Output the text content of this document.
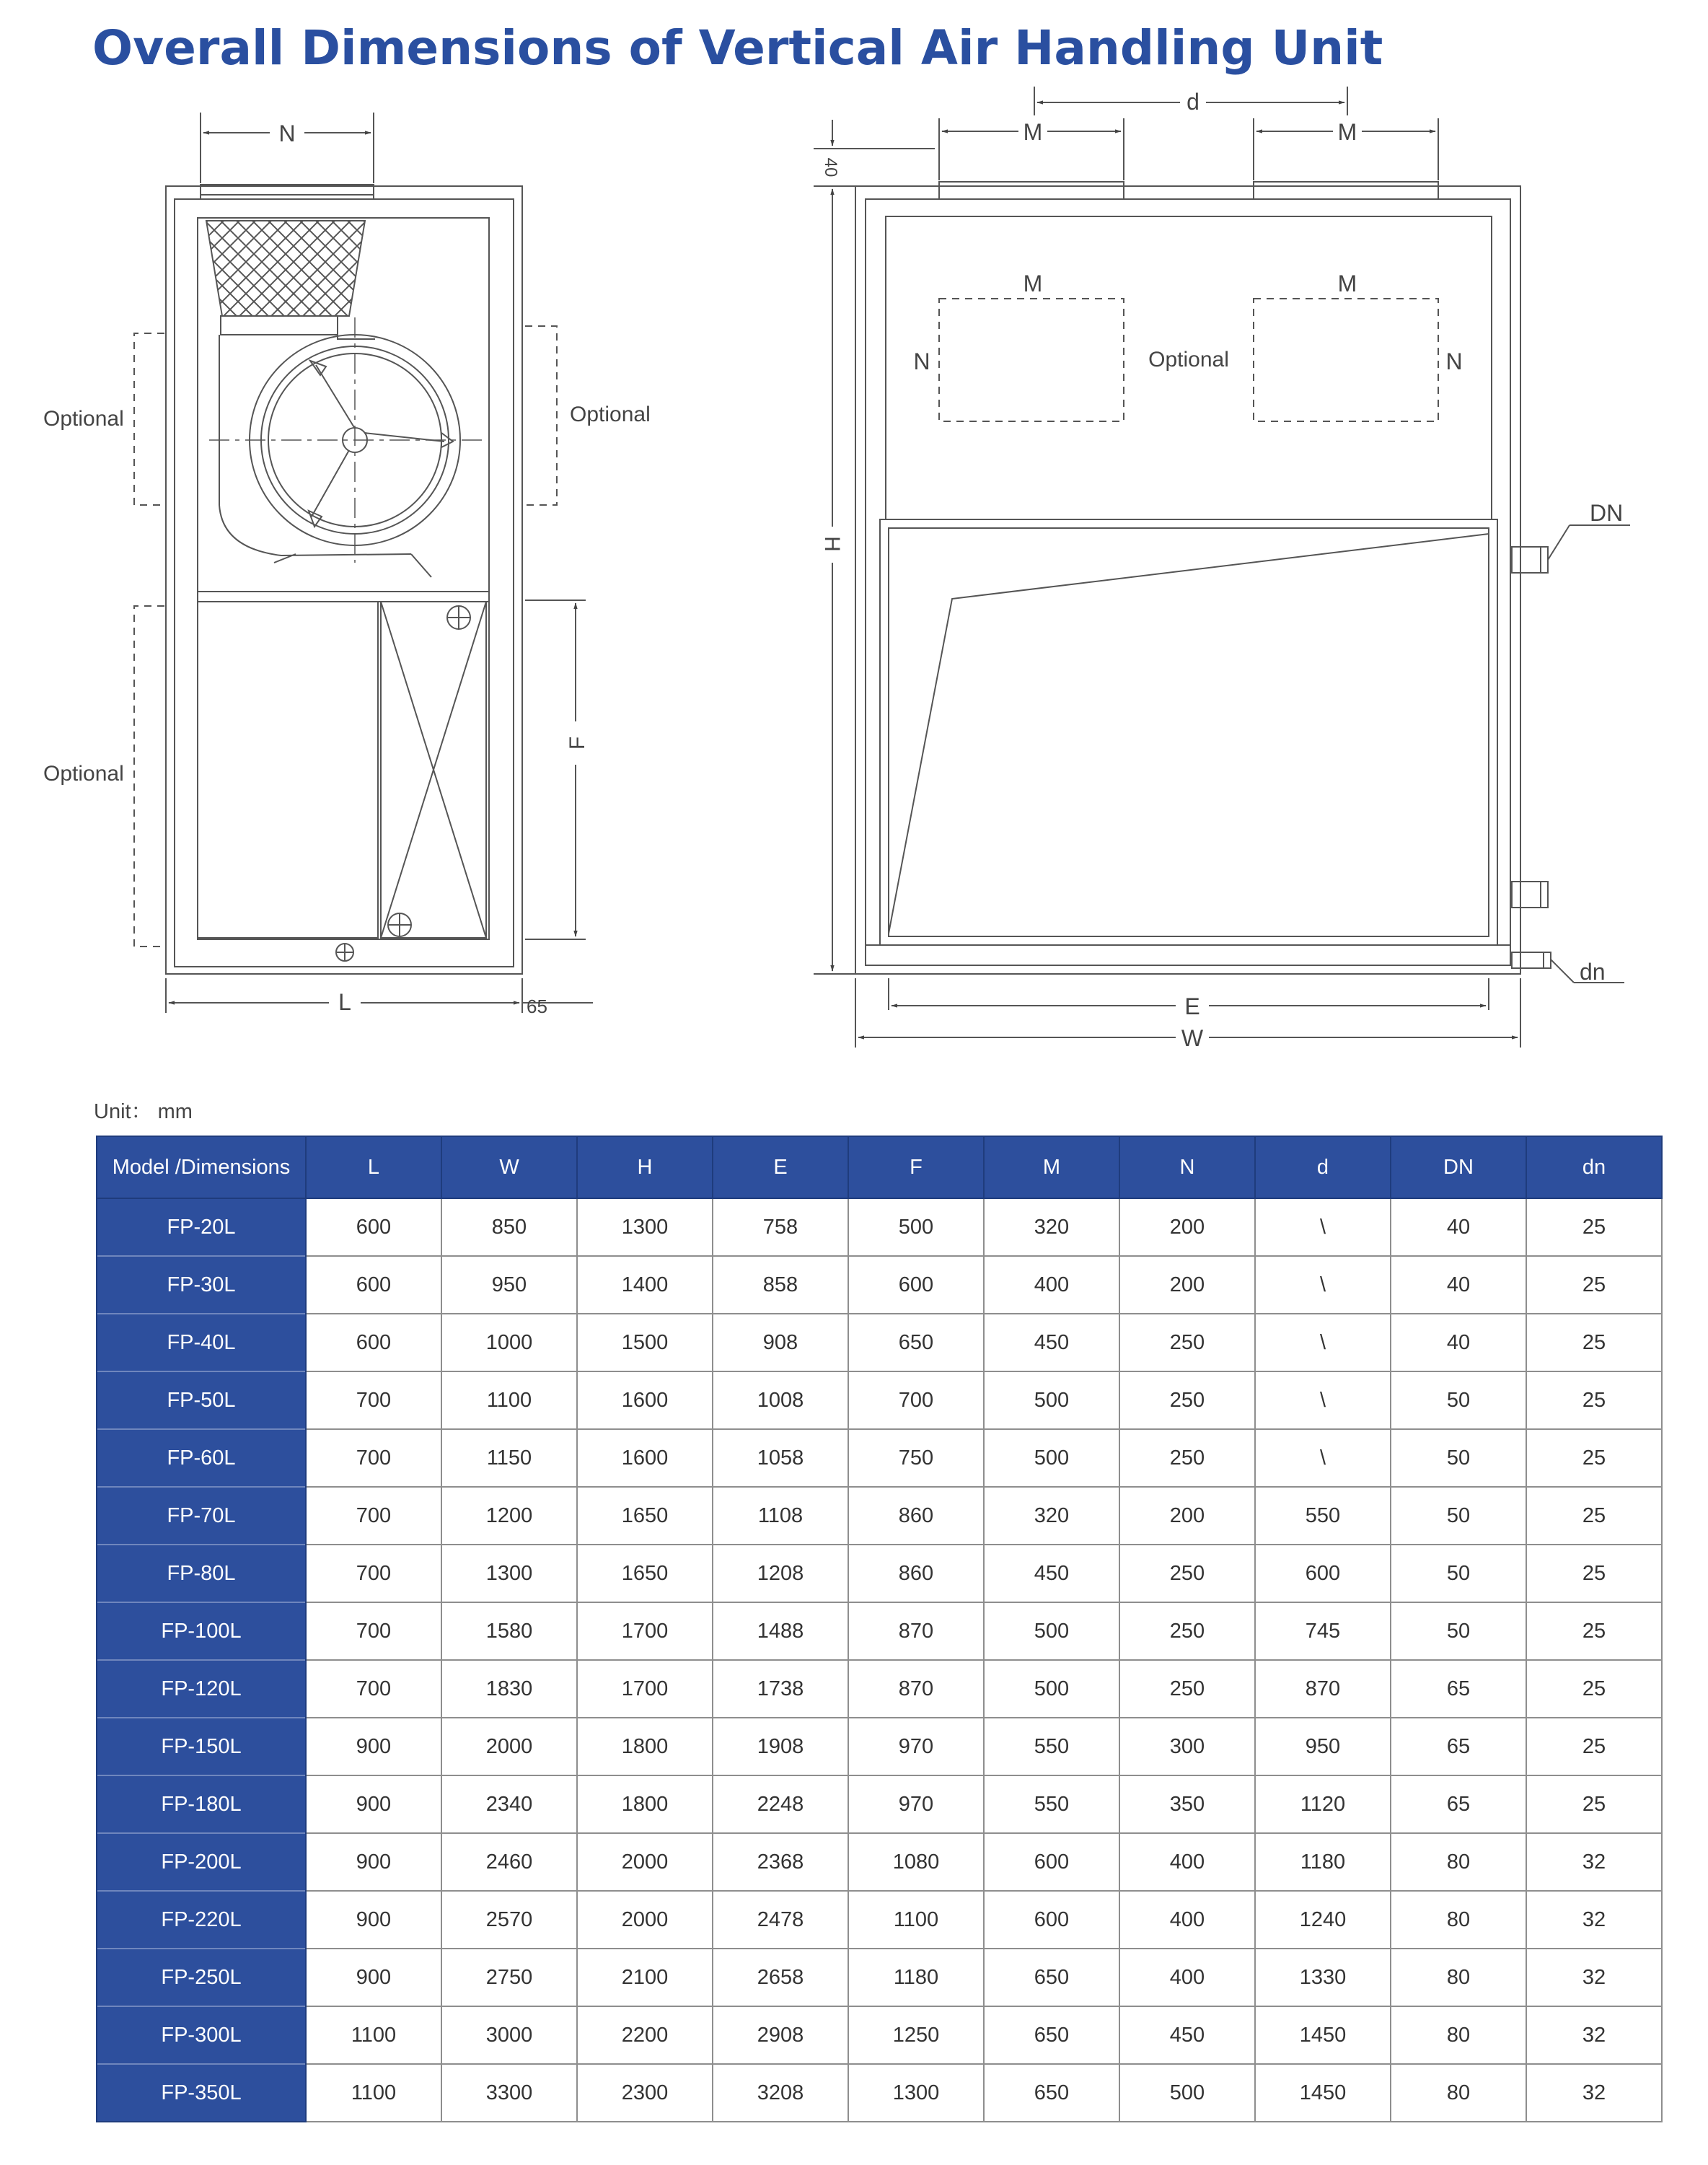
Overall Dimensions of Vertical Air Handling Unit
N
Optional	Optional
Optional
F
L	65
d
M	M
40
H
M	M
N	N
Optional
DN
dn
E
W
Unit： mm
Model /Dimensions	L	W	H	E	F	M	N	d	DN	dn
FP-20L	600	850	1300	758	500	320	200	\	40	25
FP-30L	600	950	1400	858	600	400	200	\	40	25
FP-40L	600	1000	1500	908	650	450	250	\	40	25
FP-50L	700	1100	1600	1008	700	500	250	\	50	25
FP-60L	700	1150	1600	1058	750	500	250	\	50	25
FP-70L	700	1200	1650	1108	860	320	200	550	50	25
FP-80L	700	1300	1650	1208	860	450	250	600	50	25
FP-100L	700	1580	1700	1488	870	500	250	745	50	25
FP-120L	700	1830	1700	1738	870	500	250	870	65	25
FP-150L	900	2000	1800	1908	970	550	300	950	65	25
FP-180L	900	2340	1800	2248	970	550	350	1120	65	25
FP-200L	900	2460	2000	2368	1080	600	400	1180	80	32
FP-220L	900	2570	2000	2478	1100	600	400	1240	80	32
FP-250L	900	2750	2100	2658	1180	650	400	1330	80	32
FP-300L	1100	3000	2200	2908	1250	650	450	1450	80	32
FP-350L	1100	3300	2300	3208	1300	650	500	1450	80	32
